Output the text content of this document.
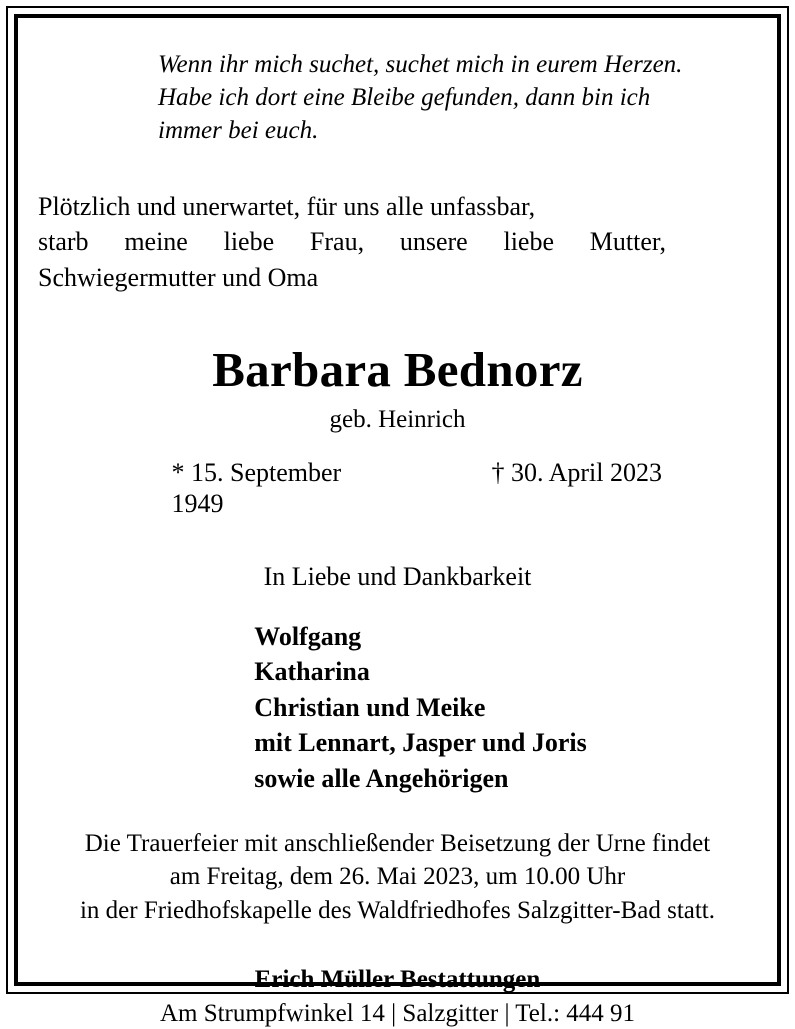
Wenn ihr mich suchet, suchet mich in eurem Herzen.
Habe ich dort eine Bleibe gefunden, dann bin ich
immer bei euch.
Plötzlich und unerwartet, für uns alle unfassbar,
starb meine liebe Frau, unsere liebe Mutter,
Schwiegermutter und Oma
Barbara Bednorz
geb. Heinrich
* 15. September 1949
† 30. April 2023
In Liebe und Dankbarkeit
Wolfgang
Katharina
Christian und Meike
mit Lennart, Jasper und Joris
sowie alle Angehörigen
Die Trauerfeier mit anschließender Beisetzung der Urne findet
am Freitag, dem 26. Mai 2023, um 10.00 Uhr
in der Friedhofskapelle des Waldfriedhofes Salzgitter-Bad statt.
Erich Müller Bestattungen
Am Strumpfwinkel 14 | Salzgitter | Tel.: 444 91
